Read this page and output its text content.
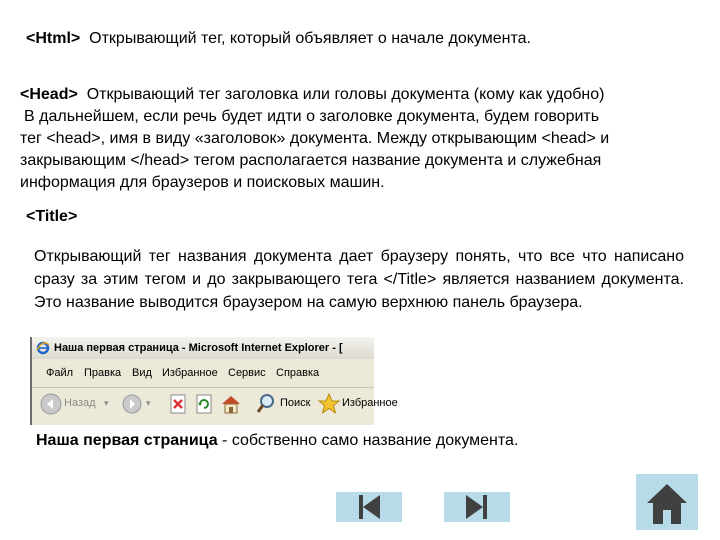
<Html> Открывающий тег, который объявляет о начале документа.

<Head> Открывающий тег заголовка или головы документа (кому как удобно)
В дальнейшем, если речь будет идти о заголовке документа, будем говорить
тег <head>, имя в виду «заголовок» документа. Между открывающим <head> и
закрывающим </head> тегом располагается название документа и служебная
информация для браузеров и поисковых машин.

<Title>

Открывающий тег названия документа дает браузеру понять, что все что написано сразу за этим тегом и до закрывающего тега </Title> является названием документа. Это название выводится браузером на самую верхнюю панель браузера.

Наша первая страница - Microsoft Internet Explorer - [
Файл Правка Вид Избранное Сервис Справка
Назад ▾	▾	Поиск	Избранное

Наша первая страница - собственно само название документа.
